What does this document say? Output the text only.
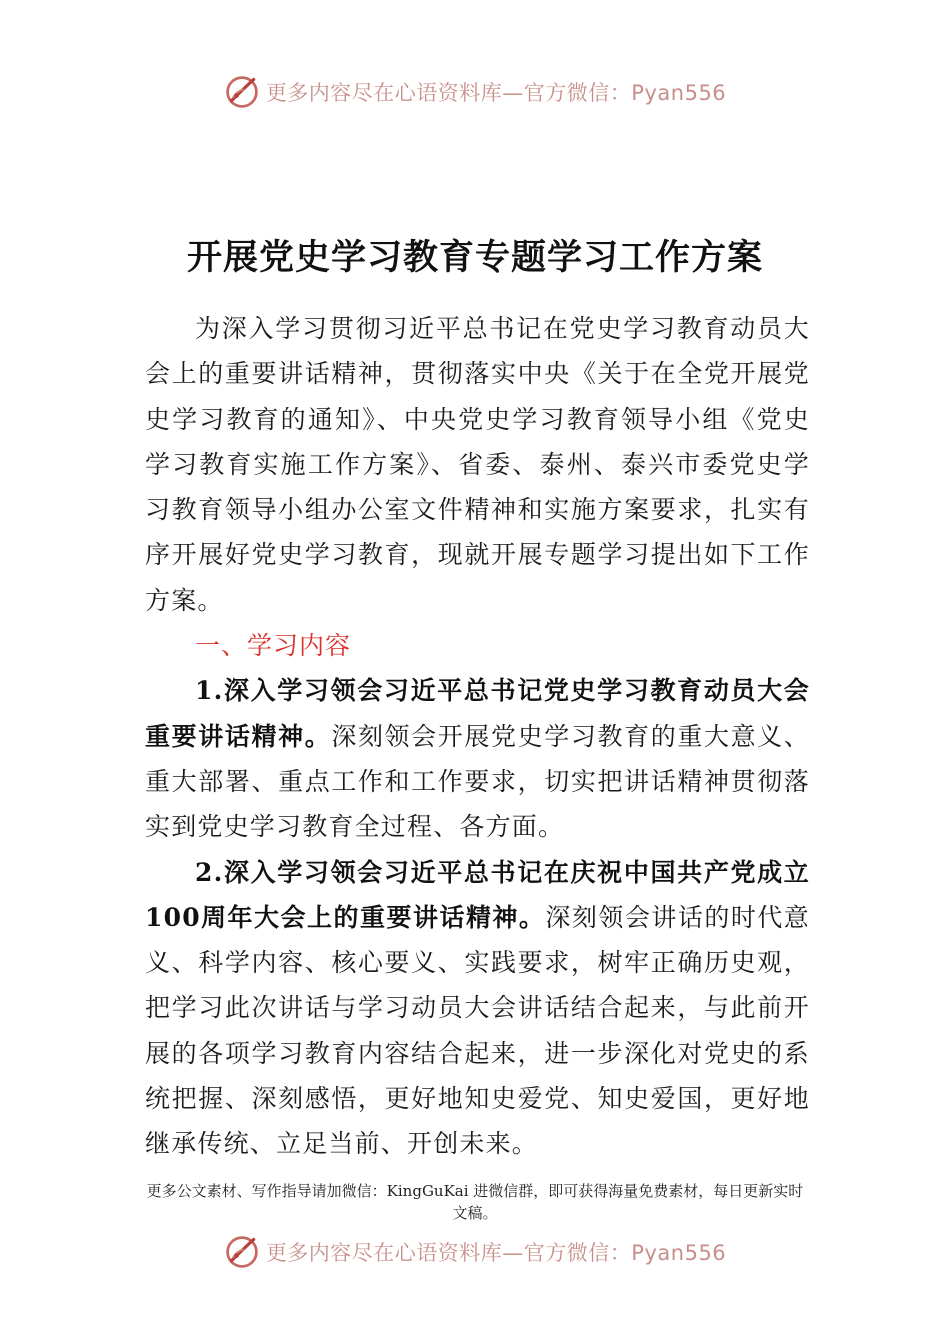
更多内容尽在心语资料库—官方微信：Pyan556
开展党史学习教育专题学习工作方案

为深入学习贯彻习近平总书记在党史学习教育动员大会上的重要讲话精神，贯彻落实中央《关于在全党开展党史学习教育的通知》、中央党史学习教育领导小组《党史学习教育实施工作方案》、省委、泰州、泰兴市委党史学习教育领导小组办公室文件精神和实施方案要求，扎实有序开展好党史学习教育，现就开展专题学习提出如下工作方案。

一、学习内容

1.深入学习领会习近平总书记党史学习教育动员大会重要讲话精神。深刻领会开展党史学习教育的重大意义、重大部署、重点工作和工作要求，切实把讲话精神贯彻落实到党史学习教育全过程、各方面。

2.深入学习领会习近平总书记在庆祝中国共产党成立100周年大会上的重要讲话精神。深刻领会讲话的时代意义、科学内容、核心要义、实践要求，树牢正确历史观，把学习此次讲话与学习动员大会讲话结合起来，与此前开展的各项学习教育内容结合起来，进一步深化对党史的系统把握、深刻感悟，更好地知史爱党、知史爱国，更好地继承传统、立足当前、开创未来。

更多公文素材、写作指导请加微信：KingGuKai 进微信群，即可获得海量免费素材，每日更新实时文稿。

更多内容尽在心语资料库—官方微信：Pyan556
